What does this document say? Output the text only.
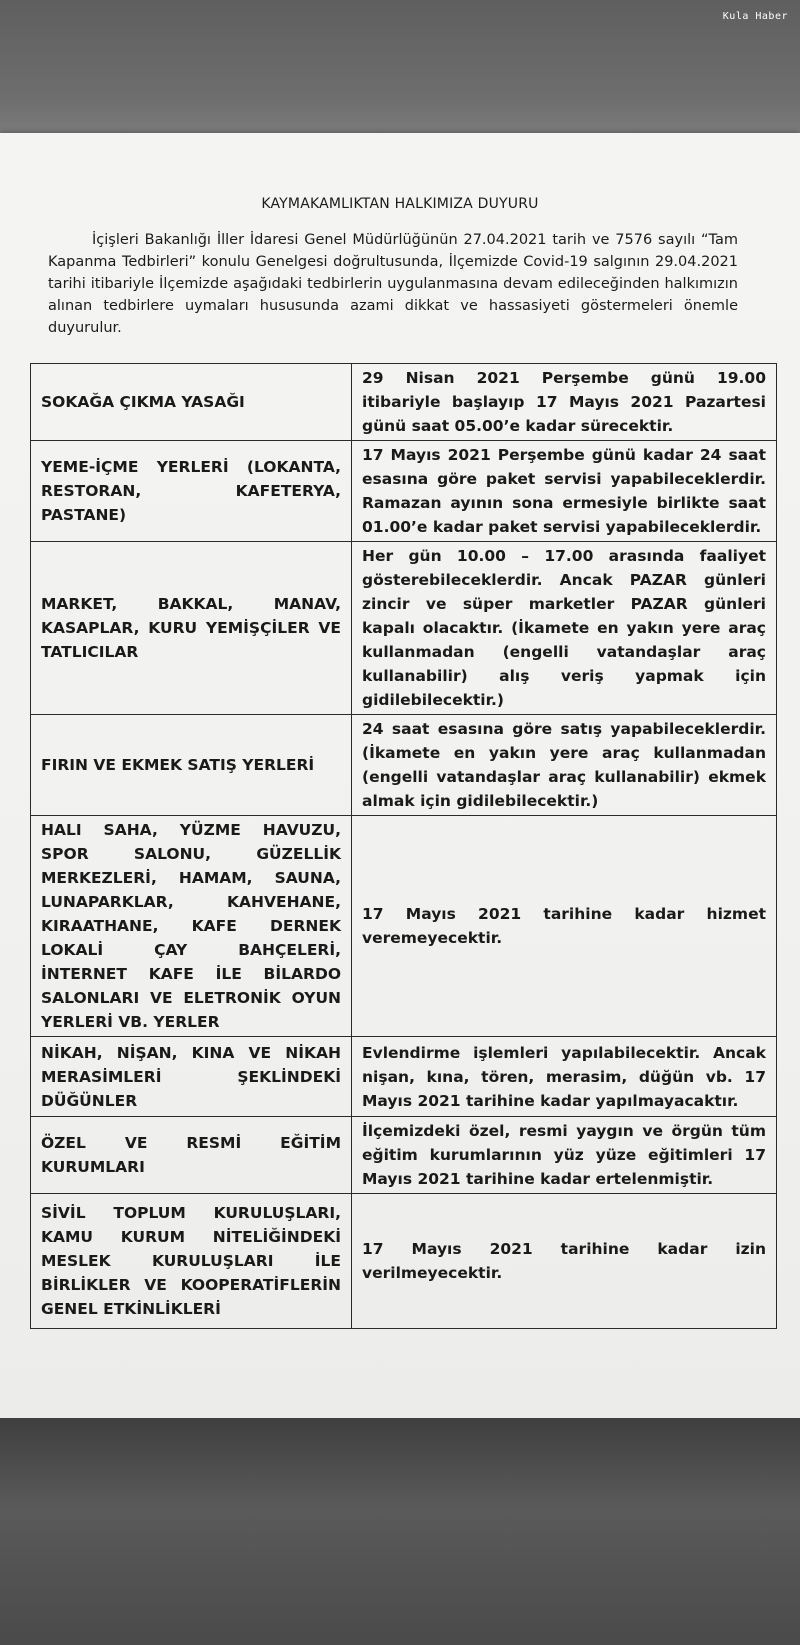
Kula Haber
KAYMAKAMLIKTAN HALKIMIZA DUYURU
İçişleri Bakanlığı İller İdaresi Genel Müdürlüğünün 27.04.2021 tarih ve 7576 sayılı “Tam Kapanma Tedbirleri” konulu Genelgesi doğrultusunda, İlçemizde Covid-19 salgının 29.04.2021 tarihi itibariyle İlçemizde aşağıdaki tedbirlerin uygulanmasına devam edileceğinden halkımızın alınan tedbirlere uymaları hususunda azami dikkat ve hassasiyeti göstermeleri önemle duyurulur.
SOKAĞA ÇIKMA YASAĞI	29 Nisan 2021 Perşembe günü 19.00 itibariyle başlayıp 17 Mayıs 2021 Pazartesi günü saat 05.00’e kadar sürecektir.
YEME-İÇME YERLERİ (LOKANTA, RESTORAN, KAFETERYA, PASTANE)	17 Mayıs 2021 Perşembe günü kadar 24 saat esasına göre paket servisi yapabileceklerdir. Ramazan ayının sona ermesiyle birlikte saat 01.00’e kadar paket servisi yapabileceklerdir.
MARKET, BAKKAL, MANAV, KASAPLAR, KURU YEMİŞÇİLER VE TATLICILAR	Her gün 10.00 – 17.00 arasında faaliyet gösterebileceklerdir. Ancak PAZAR günleri zincir ve süper marketler PAZAR günleri kapalı olacaktır. (İkamete en yakın yere araç kullanmadan (engelli vatandaşlar araç kullanabilir) alış veriş yapmak için gidilebilecektir.)
FIRIN VE EKMEK SATIŞ YERLERİ	24 saat esasına göre satış yapabileceklerdir. (İkamete en yakın yere araç kullanmadan (engelli vatandaşlar araç kullanabilir) ekmek almak için gidilebilecektir.)
HALI SAHA, YÜZME HAVUZU, SPOR SALONU, GÜZELLİK MERKEZLERİ, HAMAM, SAUNA, LUNAPARKLAR, KAHVEHANE, KIRAATHANE, KAFE DERNEK LOKALİ ÇAY BAHÇELERİ, İNTERNET KAFE İLE BİLARDO SALONLARI VE ELETRONİK OYUN YERLERİ VB. YERLER	17 Mayıs 2021 tarihine kadar hizmet veremeyecektir.
NİKAH, NİŞAN, KINA VE NİKAH MERASİMLERİ ŞEKLİNDEKİ DÜĞÜNLER	Evlendirme işlemleri yapılabilecektir. Ancak nişan, kına, tören, merasim, düğün vb. 17 Mayıs 2021 tarihine kadar yapılmayacaktır.
ÖZEL VE RESMİ EĞİTİM KURUMLARI	İlçemizdeki özel, resmi yaygın ve örgün tüm eğitim kurumlarının yüz yüze eğitimleri 17 Mayıs 2021 tarihine kadar ertelenmiştir.
SİVİL TOPLUM KURULUŞLARI, KAMU KURUM NİTELİĞİNDEKİ MESLEK KURULUŞLARI İLE BİRLİKLER VE KOOPERATİFLERİN GENEL ETKİNLİKLERİ	17 Mayıs 2021 tarihine kadar izin verilmeyecektir.
